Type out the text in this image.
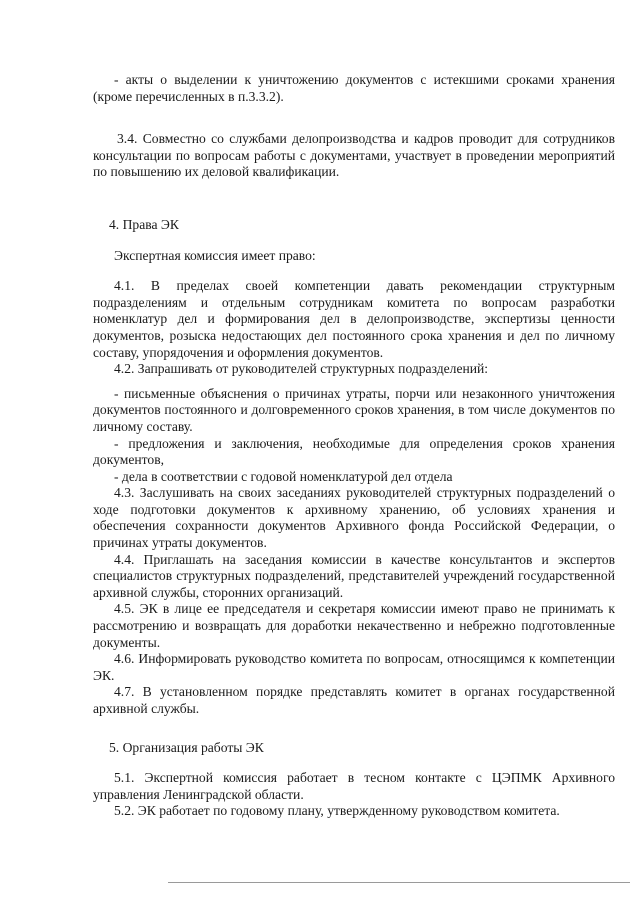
- акты о выделении к уничтожению документов с истекшими сроками хранения (кроме перечисленных в п.3.3.2).

3.4. Совместно со службами делопроизводства и кадров проводит для сотрудников консультации по вопросам работы с документами, участвует в проведении мероприятий по повышению их деловой квалификации.

4. Права ЭК

Экспертная комиссия имеет право:

4.1. В пределах своей компетенции давать рекомендации структурным подразделениям и отдельным сотрудникам комитета по вопросам разработки номенклатур дел и формирования дел в делопроизводстве, экспертизы ценности документов, розыска недостающих дел постоянного срока хранения и дел по личному составу, упорядочения и оформления документов.

4.2. Запрашивать от руководителей структурных подразделений:

- письменные объяснения о причинах утраты, порчи или незаконного уничтожения документов постоянного и долговременного сроков хранения, в том числе документов по личному составу.

- предложения и заключения, необходимые для определения сроков хранения документов,

- дела в соответствии с годовой номенклатурой дел отдела

4.3. Заслушивать на своих заседаниях руководителей структурных подразделений о ходе подготовки документов к архивному хранению, об условиях хранения и обеспечения сохранности документов Архивного фонда Российской Федерации, о причинах утраты документов.

4.4. Приглашать на заседания комиссии в качестве консультантов и экспертов специалистов структурных подразделений, представителей учреждений государственной архивной службы, сторонних организаций.

4.5. ЭК в лице ее председателя и секретаря комиссии имеют право не принимать к рассмотрению и возвращать для доработки некачественно и небрежно подготовленные документы.

4.6. Информировать руководство комитета по вопросам, относящимся к компетенции ЭК.

4.7. В установленном порядке представлять комитет в органах государственной архивной службы.

5. Организация работы ЭК

5.1. Экспертной комиссия работает в тесном контакте с ЦЭПМК Архивного управления Ленинградской области.

5.2. ЭК работает по годовому плану, утвержденному руководством комитета.
